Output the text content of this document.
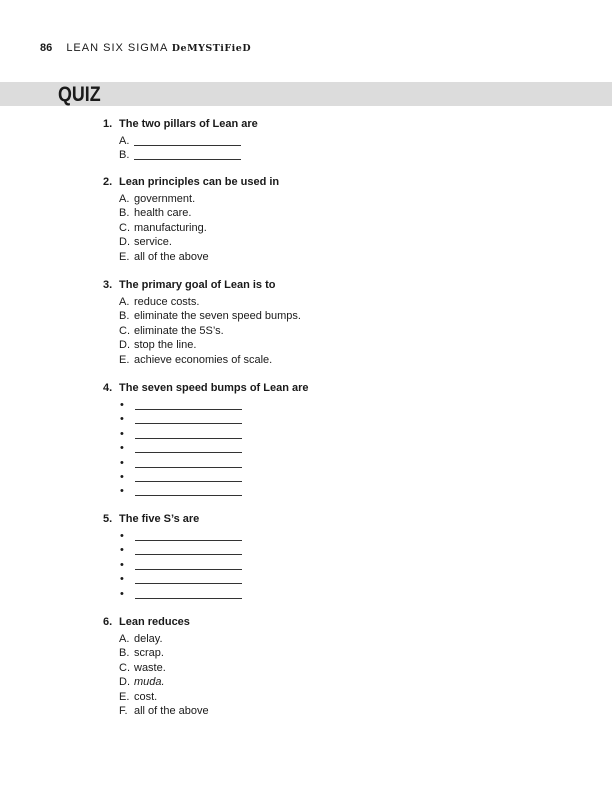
86 LEAN SIX SIGMA DeMYSTiFieD
QUIZ
1. The two pillars of Lean are
A.
B.
2. Lean principles can be used in
A. government.
B. health care.
C. manufacturing.
D. service.
E. all of the above
3. The primary goal of Lean is to
A. reduce costs.
B. eliminate the seven speed bumps.
C. eliminate the 5S’s.
D. stop the line.
E. achieve economies of scale.
4. The seven speed bumps of Lean are
•
•
•
•
•
•
•
5. The five S’s are
•
•
•
•
•
6. Lean reduces
A. delay.
B. scrap.
C. waste.
D. muda.
E. cost.
F. all of the above
